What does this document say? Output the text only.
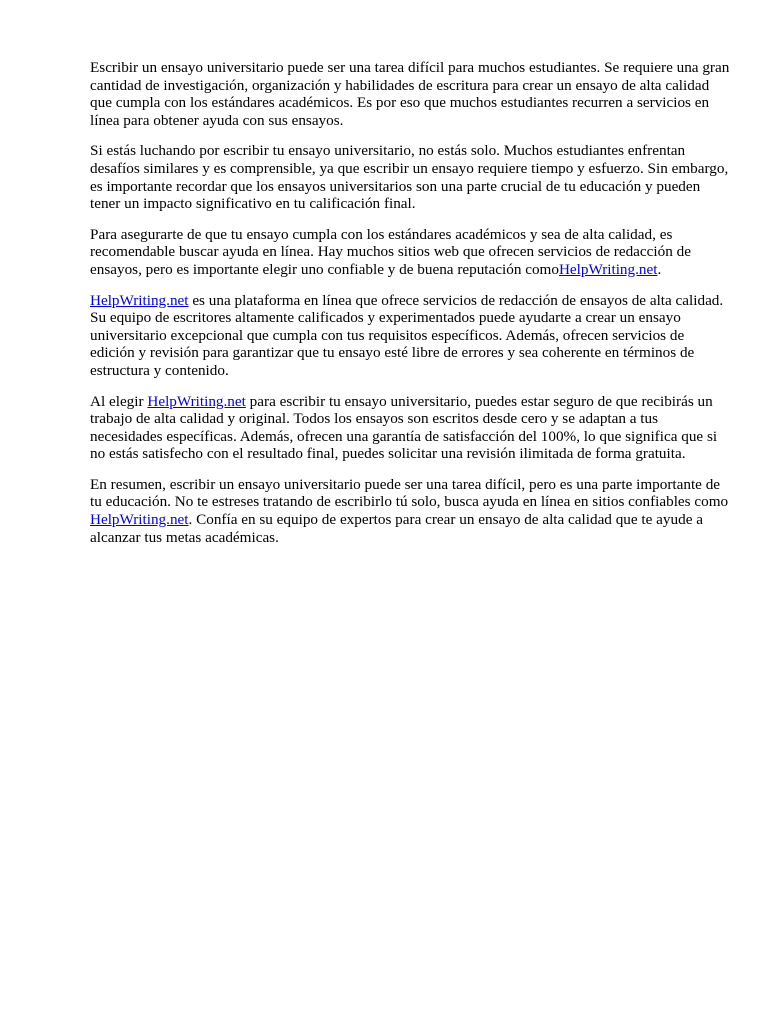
Escribir un ensayo universitario puede ser una tarea difícil para muchos estudiantes. Se requiere una gran cantidad de investigación, organización y habilidades de escritura para crear un ensayo de alta calidad que cumpla con los estándares académicos. Es por eso que muchos estudiantes recurren a servicios en línea para obtener ayuda con sus ensayos.

Si estás luchando por escribir tu ensayo universitario, no estás solo. Muchos estudiantes enfrentan desafíos similares y es comprensible, ya que escribir un ensayo requiere tiempo y esfuerzo. Sin embargo, es importante recordar que los ensayos universitarios son una parte crucial de tu educación y pueden tener un impacto significativo en tu calificación final.

Para asegurarte de que tu ensayo cumpla con los estándares académicos y sea de alta calidad, es recomendable buscar ayuda en línea. Hay muchos sitios web que ofrecen servicios de redacción de ensayos, pero es importante elegir uno confiable y de buena reputación comoHelpWriting.net.

HelpWriting.net es una plataforma en línea que ofrece servicios de redacción de ensayos de alta calidad. Su equipo de escritores altamente calificados y experimentados puede ayudarte a crear un ensayo universitario excepcional que cumpla con tus requisitos específicos. Además, ofrecen servicios de edición y revisión para garantizar que tu ensayo esté libre de errores y sea coherente en términos de estructura y contenido.

Al elegir HelpWriting.net para escribir tu ensayo universitario, puedes estar seguro de que recibirás un trabajo de alta calidad y original. Todos los ensayos son escritos desde cero y se adaptan a tus necesidades específicas. Además, ofrecen una garantía de satisfacción del 100%, lo que significa que si no estás satisfecho con el resultado final, puedes solicitar una revisión ilimitada de forma gratuita.

En resumen, escribir un ensayo universitario puede ser una tarea difícil, pero es una parte importante de tu educación. No te estreses tratando de escribirlo tú solo, busca ayuda en línea en sitios confiables como HelpWriting.net. Confía en su equipo de expertos para crear un ensayo de alta calidad que te ayude a alcanzar tus metas académicas.
